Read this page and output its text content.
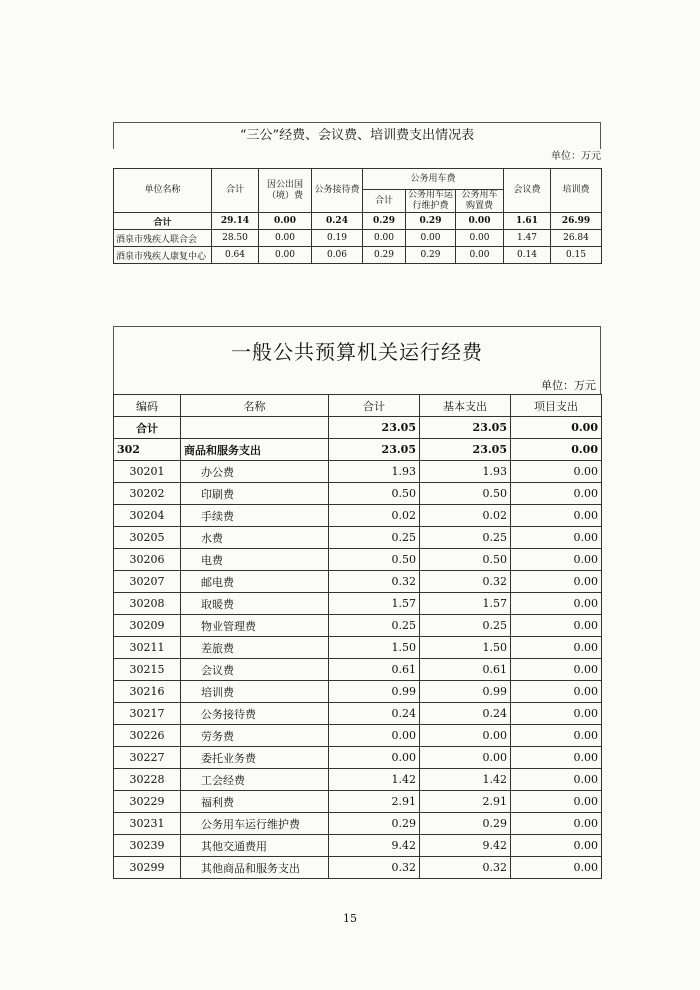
“三公”经费、会议费、培训费支出情况表
单位：万元
单位名称	合计	因公出国（境）费	公务接待费	公务用车费			会议费	培训费
				合计	公务用车运行维护费	公务用车购置费		
合计	29.14	0.00	0.24	0.29	0.29	0.00	1.61	26.99
酒泉市残疾人联合会	28.50	0.00	0.19	0.00	0.00	0.00	1.47	26.84
酒泉市残疾人康复中心	0.64	0.00	0.06	0.29	0.29	0.00	0.14	0.15
一般公共预算机关运行经费
单位：万元
编码	名称	合计	基本支出	项目支出
合计		23.05	23.05	0.00
302	商品和服务支出	23.05	23.05	0.00
30201	办公费	1.93	1.93	0.00
30202	印刷费	0.50	0.50	0.00
30204	手续费	0.02	0.02	0.00
30205	水费	0.25	0.25	0.00
30206	电费	0.50	0.50	0.00
30207	邮电费	0.32	0.32	0.00
30208	取暖费	1.57	1.57	0.00
30209	物业管理费	0.25	0.25	0.00
30211	差旅费	1.50	1.50	0.00
30215	会议费	0.61	0.61	0.00
30216	培训费	0.99	0.99	0.00
30217	公务接待费	0.24	0.24	0.00
30226	劳务费	0.00	0.00	0.00
30227	委托业务费	0.00	0.00	0.00
30228	工会经费	1.42	1.42	0.00
30229	福利费	2.91	2.91	0.00
30231	公务用车运行维护费	0.29	0.29	0.00
30239	其他交通费用	9.42	9.42	0.00
30299	其他商品和服务支出	0.32	0.32	0.00
15
